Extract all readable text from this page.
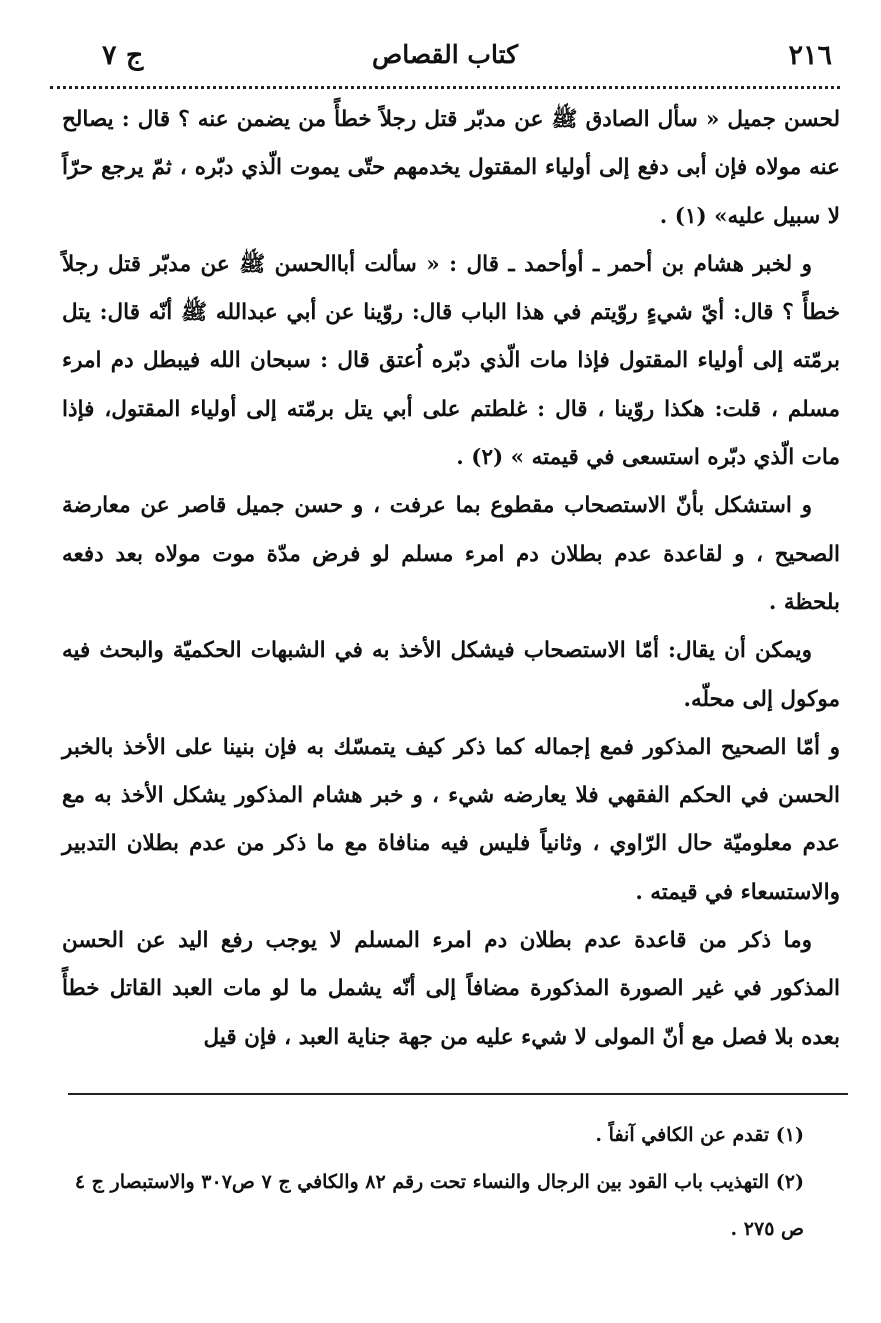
٢١٦
كتاب القصاص
ج ٧

لحسن جميل « سأل الصادق ﷺ عن مدبّر قتل رجلاً خطأً من يضمن عنه ؟ قال : يصالح عنه مولاه فإن أبى دفع إلى أولياء المقتول يخدمهم حتّى يموت الّذي دبّره ، ثمّ يرجع حرّاً لا سبيل عليه» (١) .

و لخبر هشام بن أحمر ـ أوأحمد ـ قال : « سألت أباالحسن ﷺ عن مدبّر قتل رجلاً خطأً ؟ قال: أيّ شيءٍ روّيتم في هذا الباب قال: روّينا عن أبي عبدالله ﷺ أنّه قال: يتل برمّته إلى أولياء المقتول فإذا مات الّذي دبّره اُعتق قال : سبحان الله فيبطل دم امرء مسلم ، قلت: هكذا روّينا ، قال : غلطتم على أبي يتل برمّته إلى أولياء المقتول، فإذا مات الّذي دبّره استسعى في قيمته » (٢) .

و استشكل بأنّ الاستصحاب مقطوع بما عرفت ، و حسن جميل قاصر عن معارضة الصحيح ، و لقاعدة عدم بطلان دم امرء مسلم لو فرض مدّة موت مولاه بعد دفعه بلحظة .

ويمكن أن يقال: أمّا الاستصحاب فيشكل الأخذ به في الشبهات الحكميّة والبحث فيه موكول إلى محلّه.

و أمّا الصحيح المذكور فمع إجماله كما ذكر كيف يتمسّك به فإن بنينا على الأخذ بالخبر الحسن في الحكم الفقهي فلا يعارضه شيء ، و خبر هشام المذكور يشكل الأخذ به مع عدم معلوميّة حال الرّاوي ، وثانياً فليس فيه منافاة مع ما ذكر من عدم بطلان التدبير والاستسعاء في قيمته .

وما ذكر من قاعدة عدم بطلان دم امرء المسلم لا يوجب رفع اليد عن الحسن المذكور في غير الصورة المذكورة مضافاً إلى أنّه يشمل ما لو مات العبد القاتل خطأً بعده بلا فصل مع أنّ المولى لا شيء عليه من جهة جناية العبد ، فإن قيل

(١) تقدم عن الكافي آنفاً .

(٢) التهذيب باب القود بين الرجال والنساء تحت رقم ٨٢ والكافي ج ٧ ص٣٠٧ والاستبصار ج ٤ ص ٢٧٥ .
